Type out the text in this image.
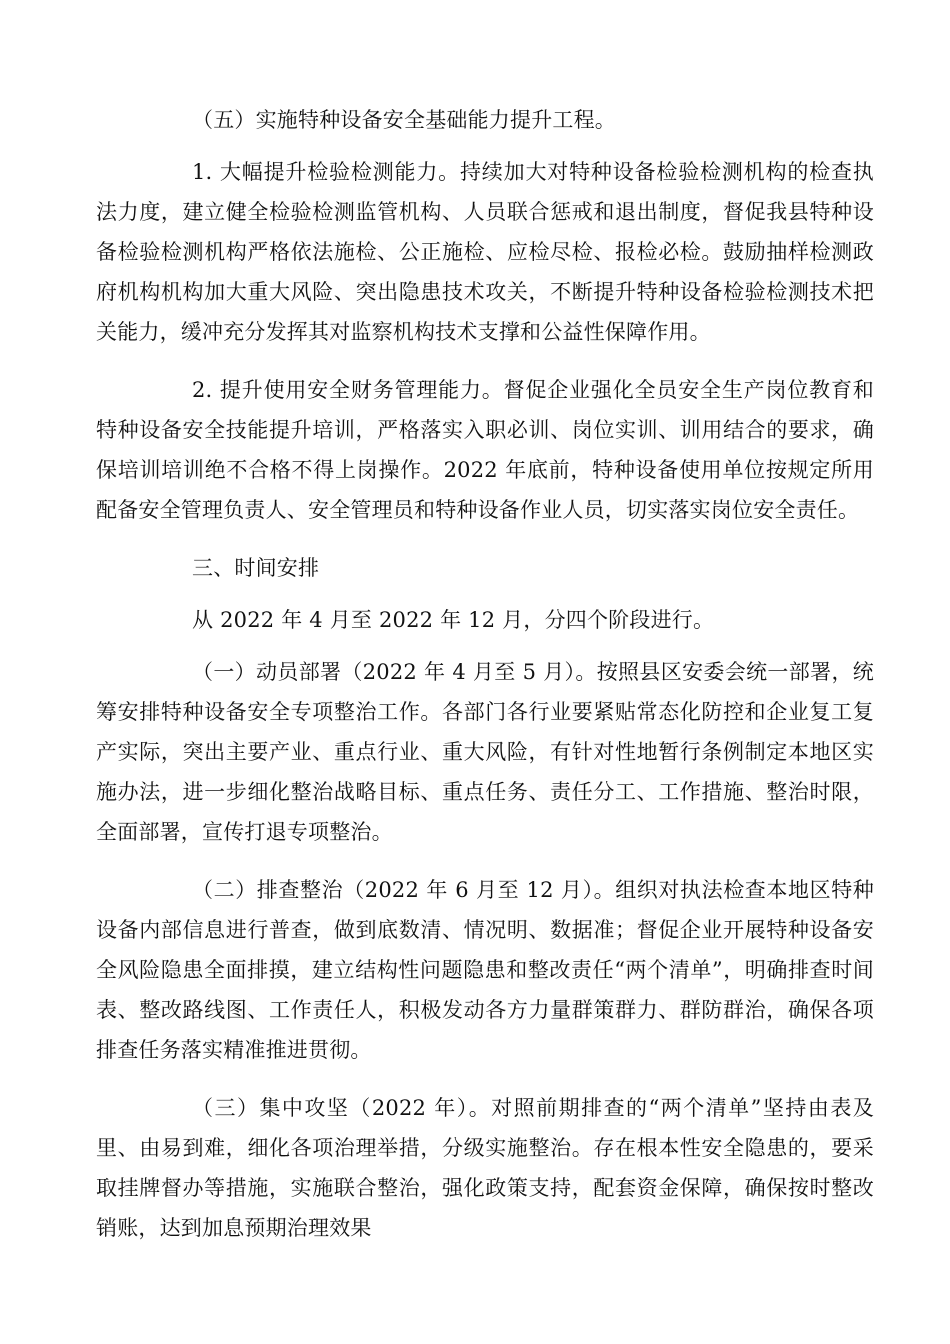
（五）实施特种设备安全基础能力提升工程。

1. 大幅提升检验检测能力。持续加大对特种设备检验检测机构的检查执法力度，建立健全检验检测监管机构、人员联合惩戒和退出制度，督促我县特种设备检验检测机构严格依法施检、公正施检、应检尽检、报检必检。鼓励抽样检测政府机构机构加大重大风险、突出隐患技术攻关，不断提升特种设备检验检测技术把关能力，缓冲充分发挥其对监察机构技术支撑和公益性保障作用。

2. 提升使用安全财务管理能力。督促企业强化全员安全生产岗位教育和特种设备安全技能提升培训，严格落实入职必训、岗位实训、训用结合的要求，确保培训培训绝不合格不得上岗操作。2022 年底前，特种设备使用单位按规定所用配备安全管理负责人、安全管理员和特种设备作业人员，切实落实岗位安全责任。

三、时间安排

从 2022 年 4 月至 2022 年 12 月，分四个阶段进行。

（一）动员部署（2022 年 4 月至 5 月）。按照县区安委会统一部署，统筹安排特种设备安全专项整治工作。各部门各行业要紧贴常态化防控和企业复工复产实际，突出主要产业、重点行业、重大风险，有针对性地暂行条例制定本地区实施办法，进一步细化整治战略目标、重点任务、责任分工、工作措施、整治时限，全面部署，宣传打退专项整治。

（二）排查整治（2022 年 6 月至 12 月）。组织对执法检查本地区特种设备内部信息进行普查，做到底数清、情况明、数据准；督促企业开展特种设备安全风险隐患全面排摸，建立结构性问题隐患和整改责任“两个清单”，明确排查时间表、整改路线图、工作责任人，积极发动各方力量群策群力、群防群治，确保各项排查任务落实精准推进贯彻。

（三）集中攻坚（2022 年）。对照前期排查的“两个清单”坚持由表及里、由易到难，细化各项治理举措，分级实施整治。存在根本性安全隐患的，要采取挂牌督办等措施，实施联合整治，强化政策支持，配套资金保障，确保按时整改销账，达到加息预期治理效果
